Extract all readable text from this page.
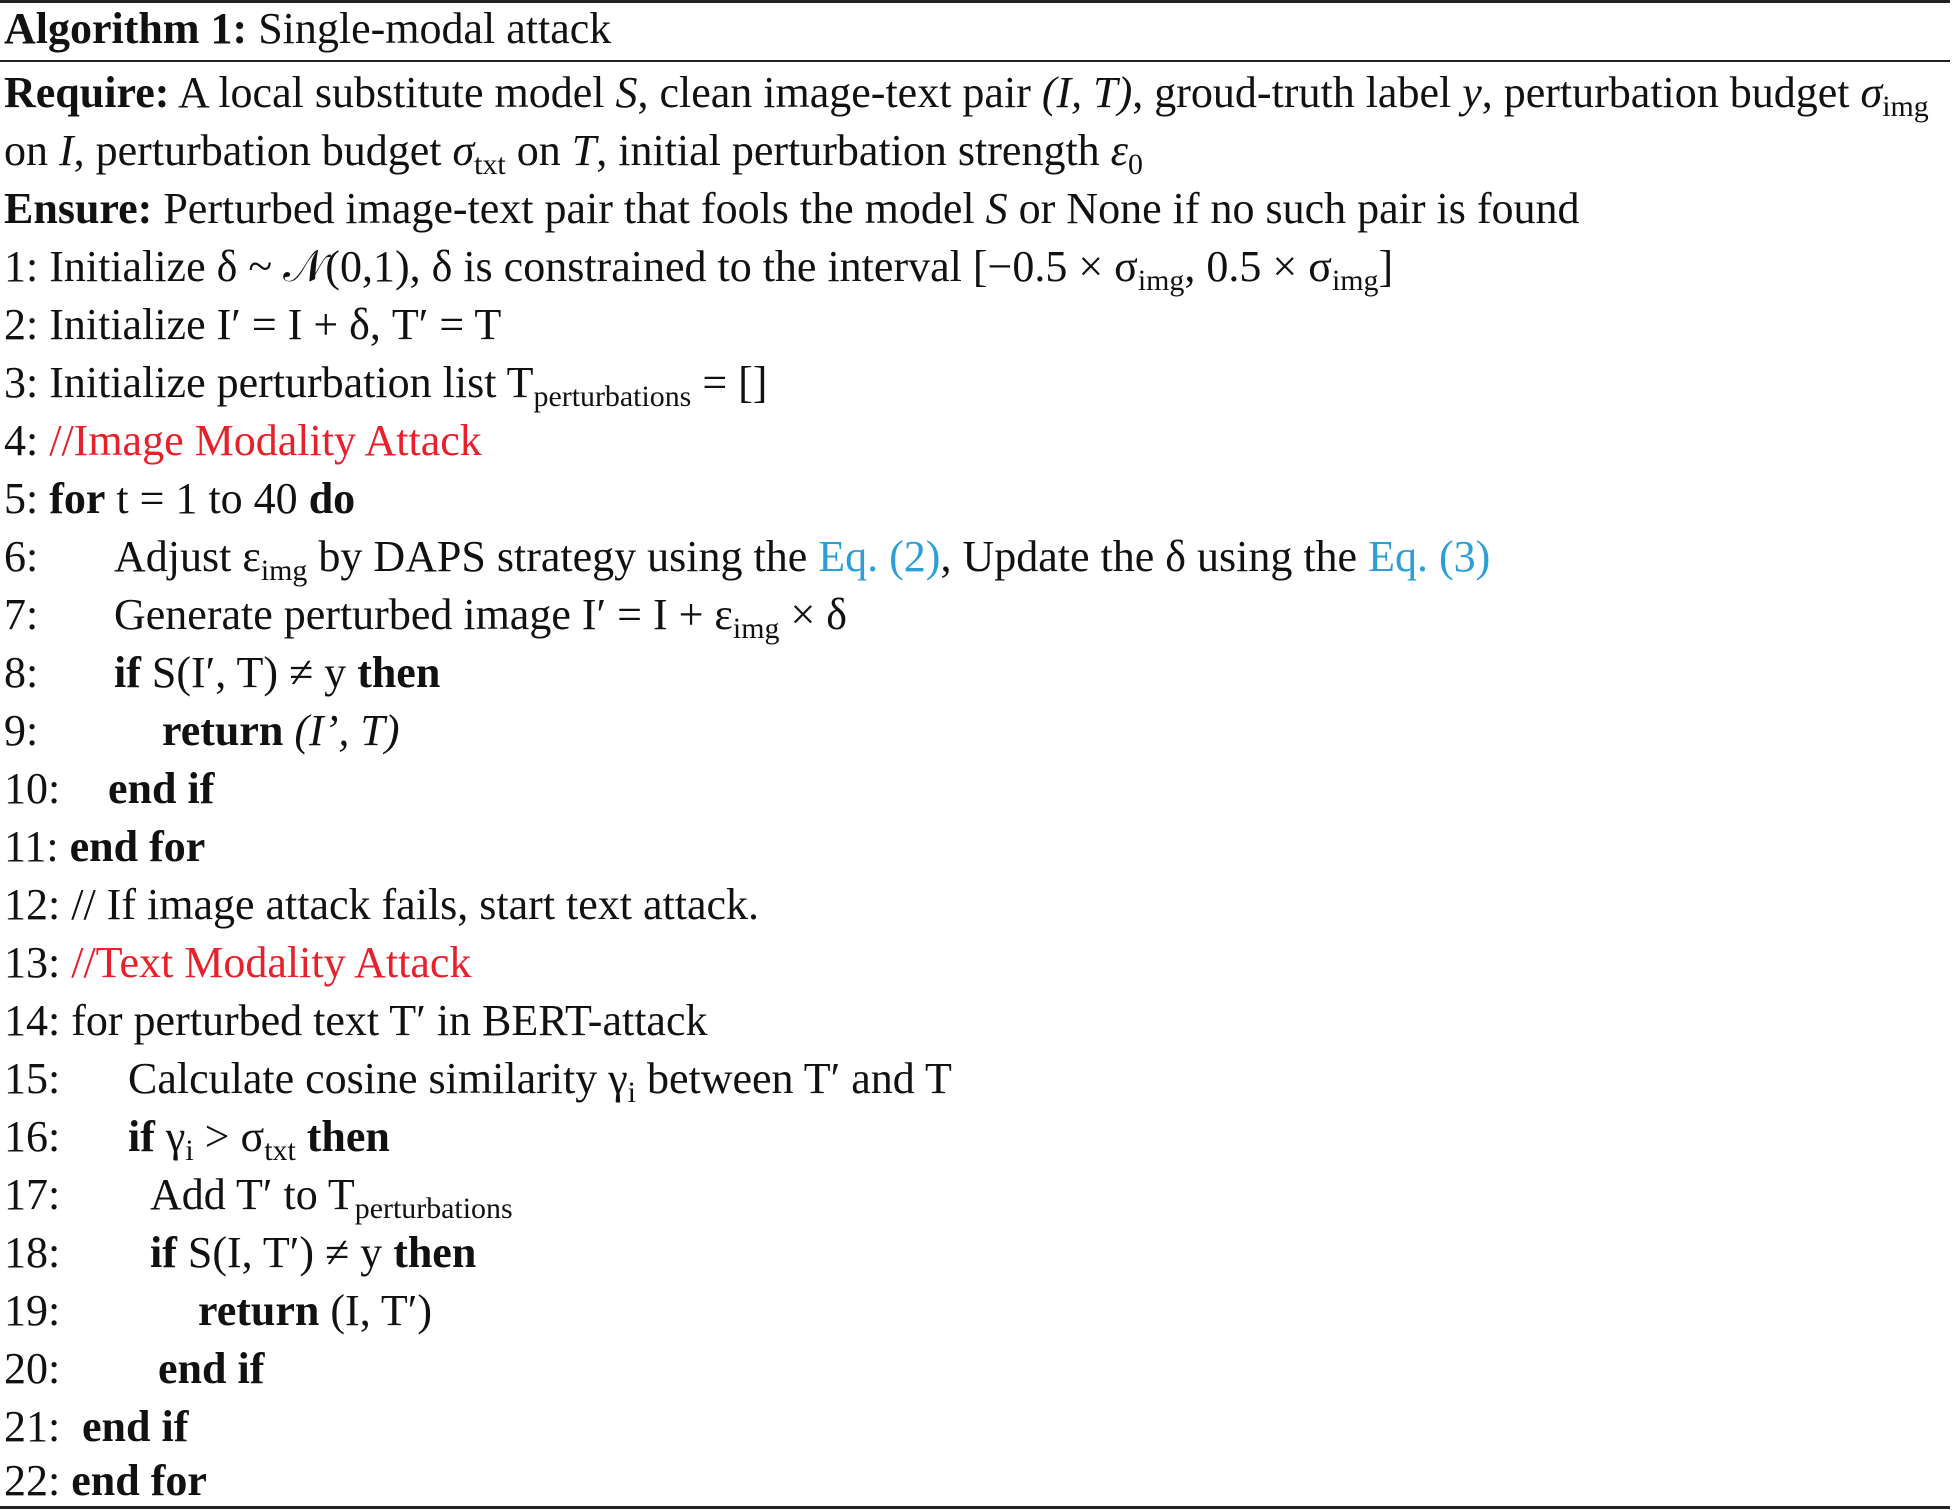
Algorithm 1: Single-modal attack
Require: A local substitute model S, clean image-text pair (I, T), groud-truth label y, perturbation budget $\sigma_{img}$ on I, perturbation budget $\sigma_{txt}$ on T, initial perturbation strength $\varepsilon_0$
Ensure: Perturbed image-text pair that fools the model S or None if no such pair is found
1: Initialize δ ~ 𝒩(0,1), δ is constrained to the interval [$-0.5 \times \sigma_{img}$, $0.5 \times \sigma_{img}$]
2: Initialize I′ = I + δ, T′ = T
3: Initialize perturbation list $T_{perturbations}$ = []
4: //Image Modality Attack
5: for t = 1 to 40 do
6: Adjust $\varepsilon_{img}$ by DAPS strategy using the Eq. (2), Update the δ using the Eq. (3)
7: Generate perturbed image $I' = I + \varepsilon_{img} \times \delta$
8: if S(I′, T) ≠ y then
9:	return (I’, T)
10: end if
11: end for
12: // If image attack fails, start text attack.
13: //Text Modality Attack
14: for perturbed text T′ in BERT-attack
15: Calculate cosine similarity $\gamma_i$ between T′ and T
16: if $\gamma_i > \sigma_{txt}$ then
17: Add T′ to $T_{perturbations}$
18: if S(I, T′) ≠ y then
19:	return (I, T′)
20: end if
21: end if
22: end for
